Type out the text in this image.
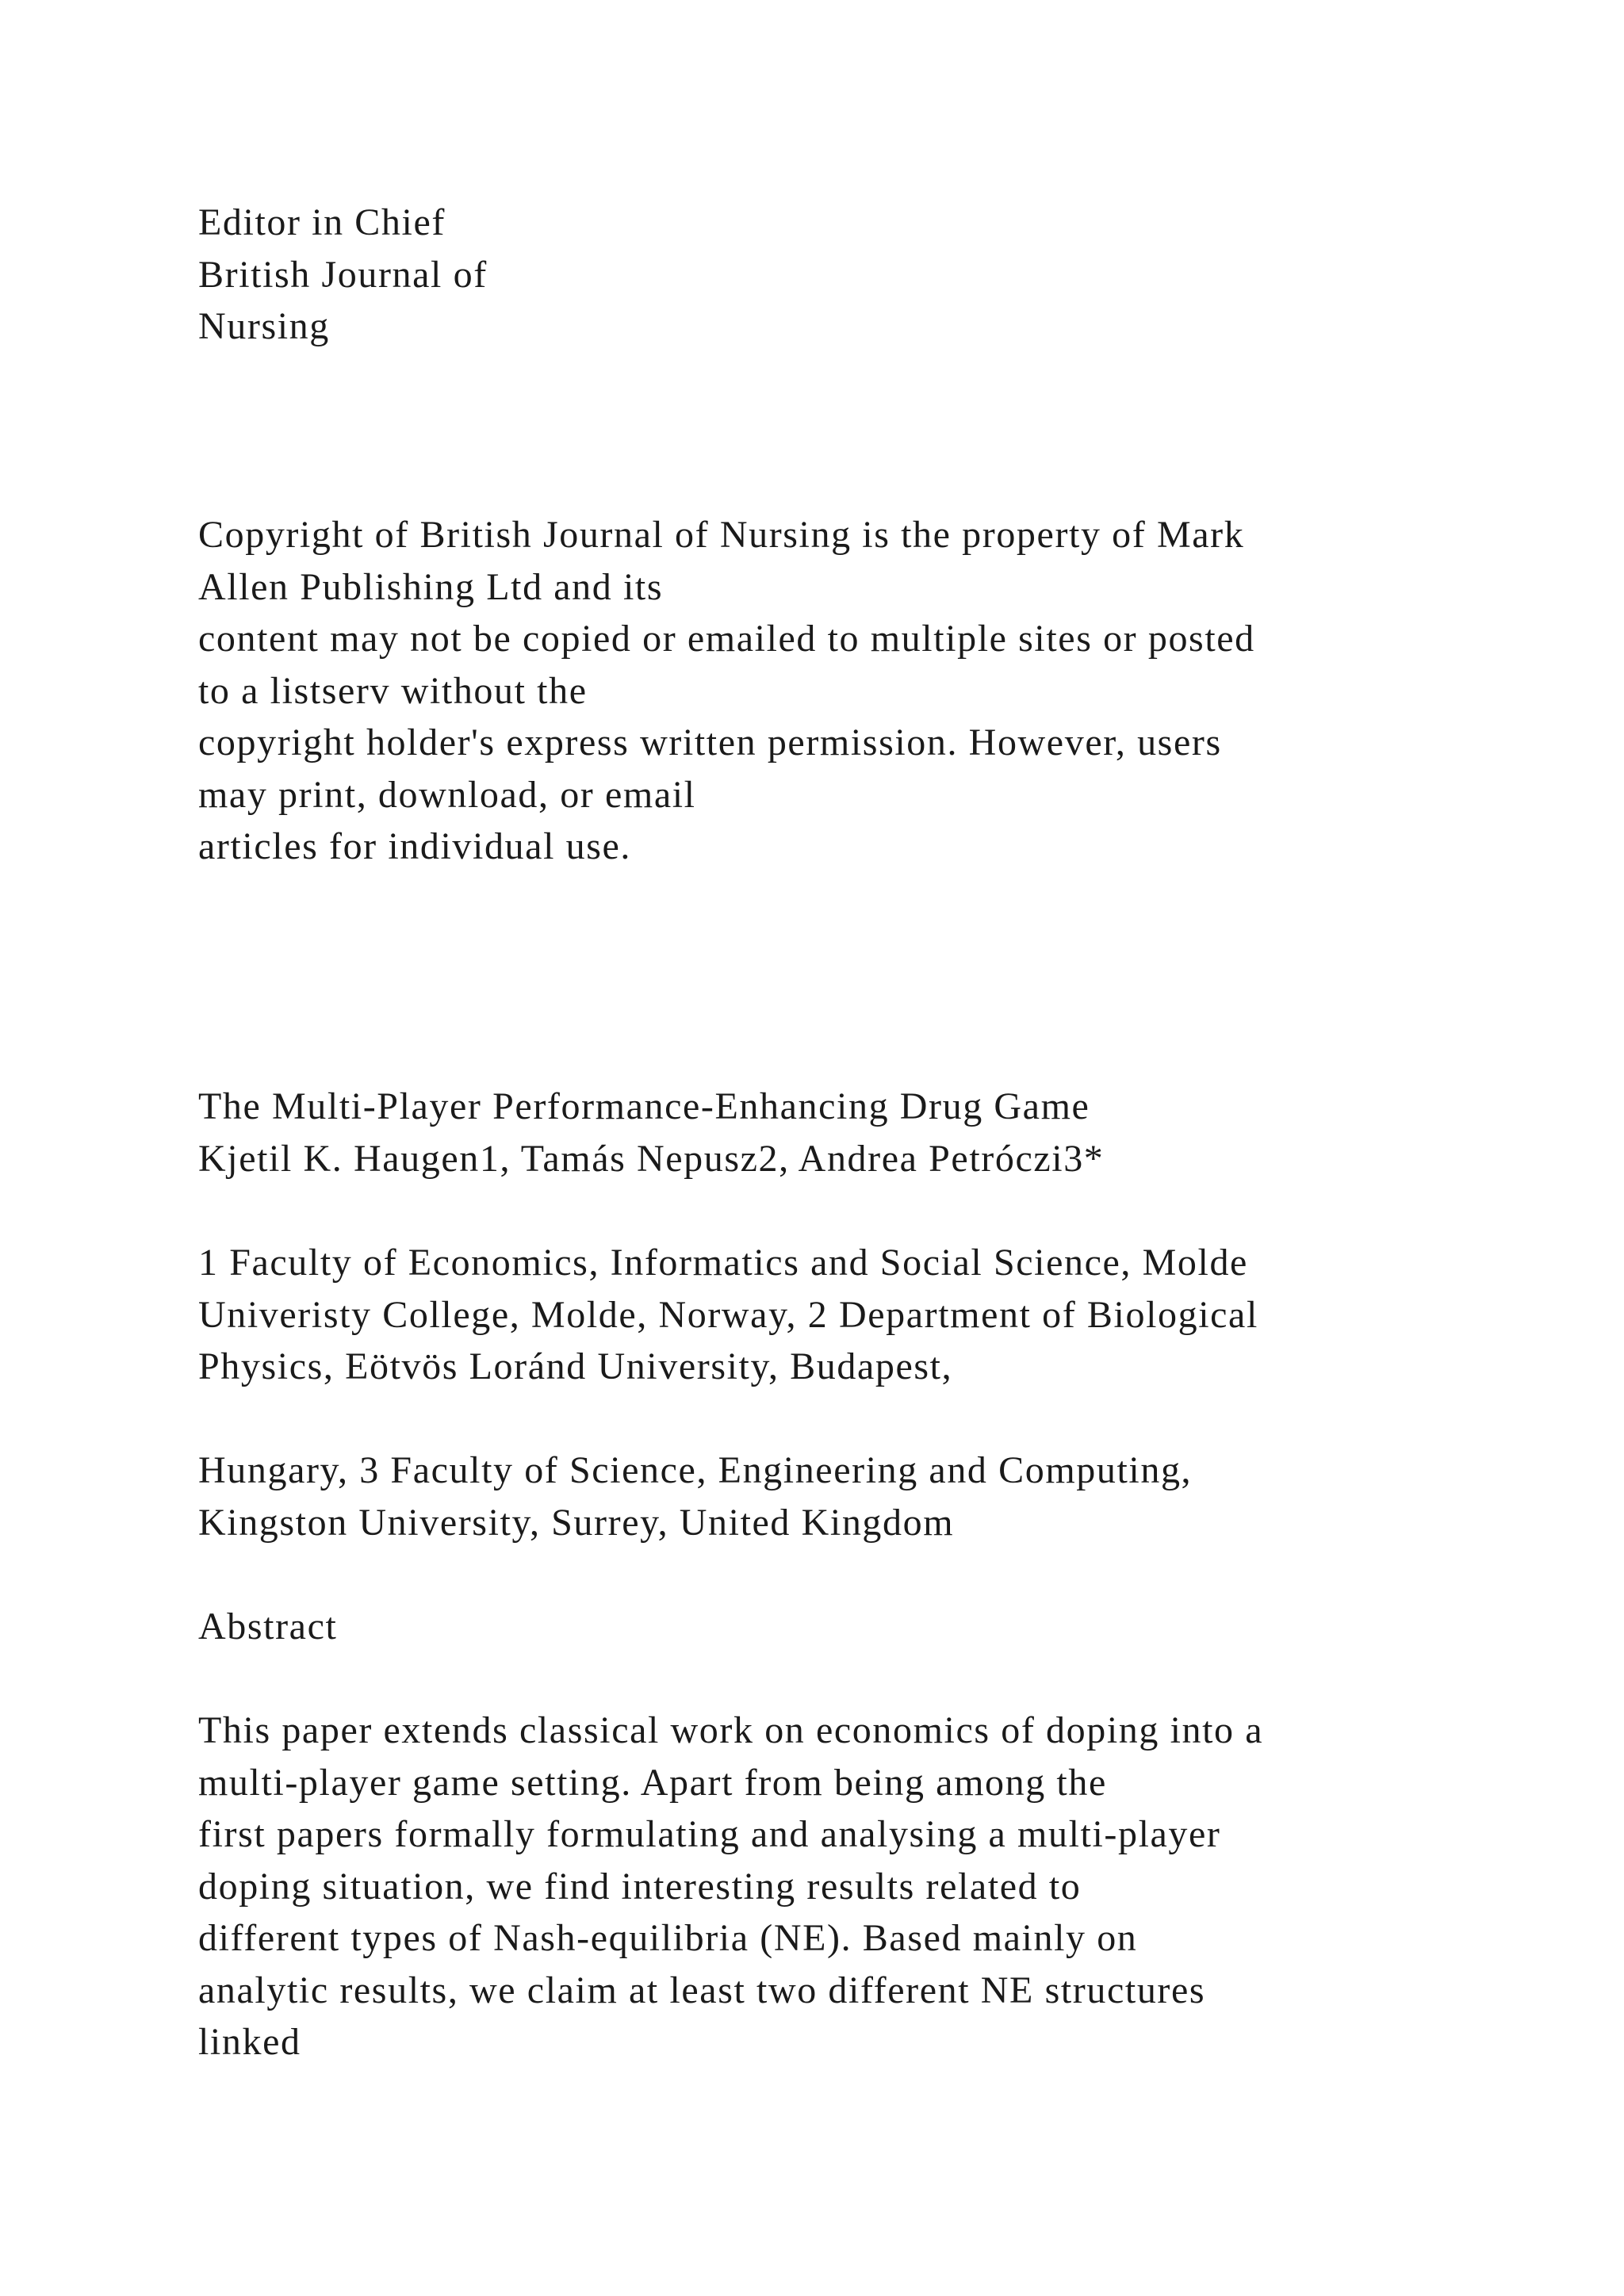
Editor in Chief
British Journal of
Nursing
Copyright of British Journal of Nursing is the property of Mark
Allen Publishing Ltd and its
content may not be copied or emailed to multiple sites or posted
to a listserv without the
copyright holder's express written permission. However, users
may print, download, or email
articles for individual use.
The Multi-Player Performance-Enhancing Drug Game
Kjetil K. Haugen1, Tamás Nepusz2, Andrea Petróczi3*
1 Faculty of Economics, Informatics and Social Science, Molde
Univeristy College, Molde, Norway, 2 Department of Biological
Physics, Eötvös Loránd University, Budapest,
Hungary, 3 Faculty of Science, Engineering and Computing,
Kingston University, Surrey, United Kingdom
Abstract
This paper extends classical work on economics of doping into a
multi-player game setting. Apart from being among the
first papers formally formulating and analysing a multi-player
doping situation, we find interesting results related to
different types of Nash-equilibria (NE). Based mainly on
analytic results, we claim at least two different NE structures
linked
